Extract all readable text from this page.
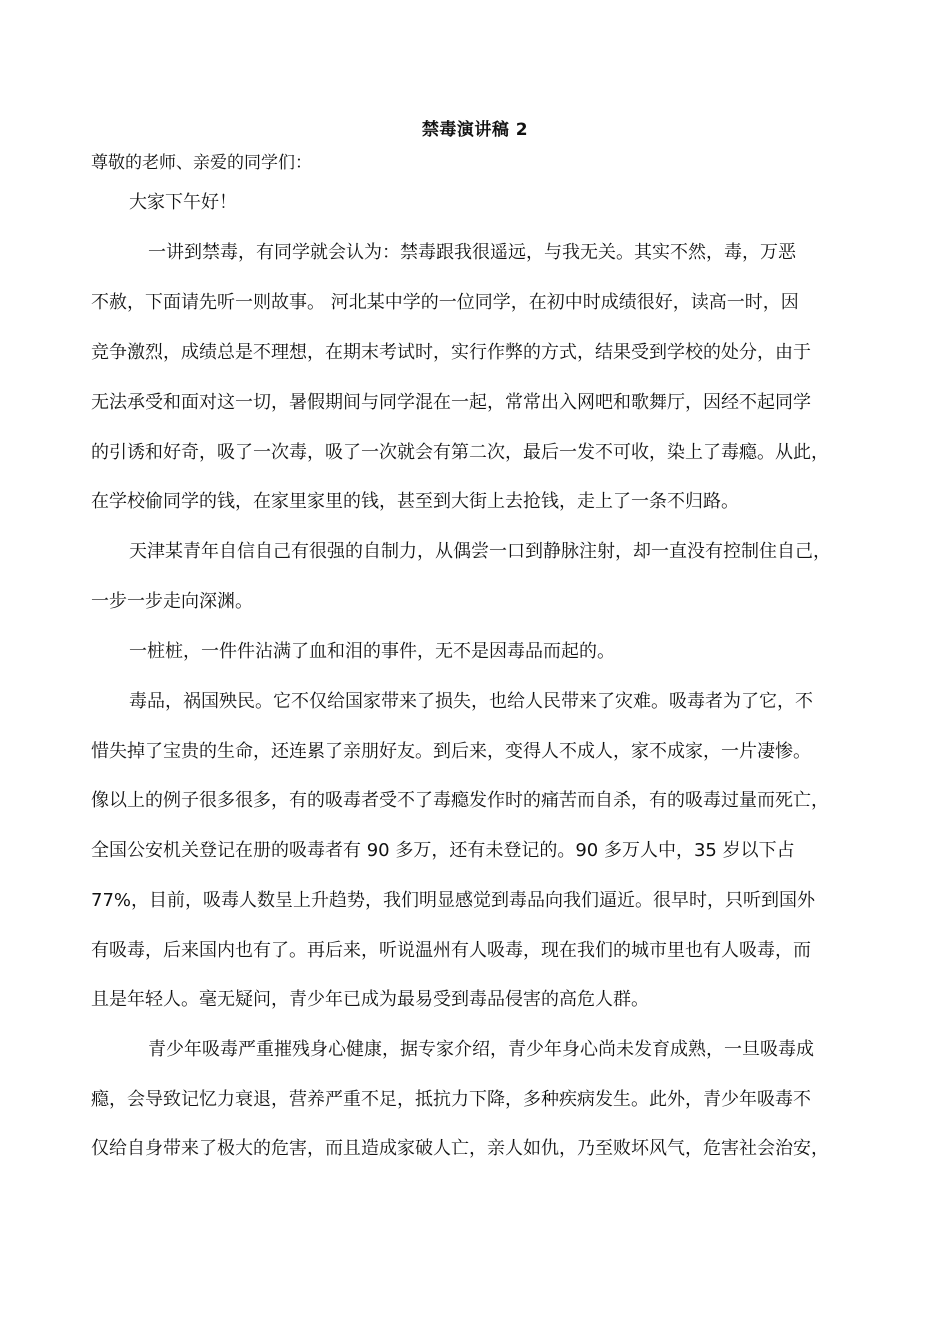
禁毒演讲稿 2
尊敬的老师、亲爱的同学们：
大家下午好！
一讲到禁毒，有同学就会认为：禁毒跟我很遥远，与我无关。其实不然，毒，万恶
不赦，下面请先听一则故事。 河北某中学的一位同学，在初中时成绩很好，读高一时，因
竞争激烈，成绩总是不理想，在期末考试时，实行作弊的方式，结果受到学校的处分，由于
无法承受和面对这一切，暑假期间与同学混在一起，常常出入网吧和歌舞厅，因经不起同学
的引诱和好奇，吸了一次毒，吸了一次就会有第二次，最后一发不可收，染上了毒瘾。从此，
在学校偷同学的钱，在家里家里的钱，甚至到大街上去抢钱，走上了一条不归路。
天津某青年自信自己有很强的自制力，从偶尝一口到静脉注射，却一直没有控制住自己，
一步一步走向深渊。
一桩桩，一件件沾满了血和泪的事件，无不是因毒品而起的。
毒品，祸国殃民。它不仅给国家带来了损失，也给人民带来了灾难。吸毒者为了它，不
惜失掉了宝贵的生命，还连累了亲朋好友。到后来，变得人不成人，家不成家，一片凄惨。
像以上的例子很多很多，有的吸毒者受不了毒瘾发作时的痛苦而自杀，有的吸毒过量而死亡，
全国公安机关登记在册的吸毒者有 90 多万，还有未登记的。90 多万人中，35 岁以下占
77%，目前，吸毒人数呈上升趋势，我们明显感觉到毒品向我们逼近。很早时，只听到国外
有吸毒，后来国内也有了。再后来，听说温州有人吸毒，现在我们的城市里也有人吸毒，而
且是年轻人。毫无疑问，青少年已成为最易受到毒品侵害的高危人群。
青少年吸毒严重摧残身心健康，据专家介绍，青少年身心尚未发育成熟，一旦吸毒成
瘾，会导致记忆力衰退，营养严重不足，抵抗力下降，多种疾病发生。此外，青少年吸毒不
仅给自身带来了极大的危害，而且造成家破人亡，亲人如仇，乃至败坏风气，危害社会治安，
